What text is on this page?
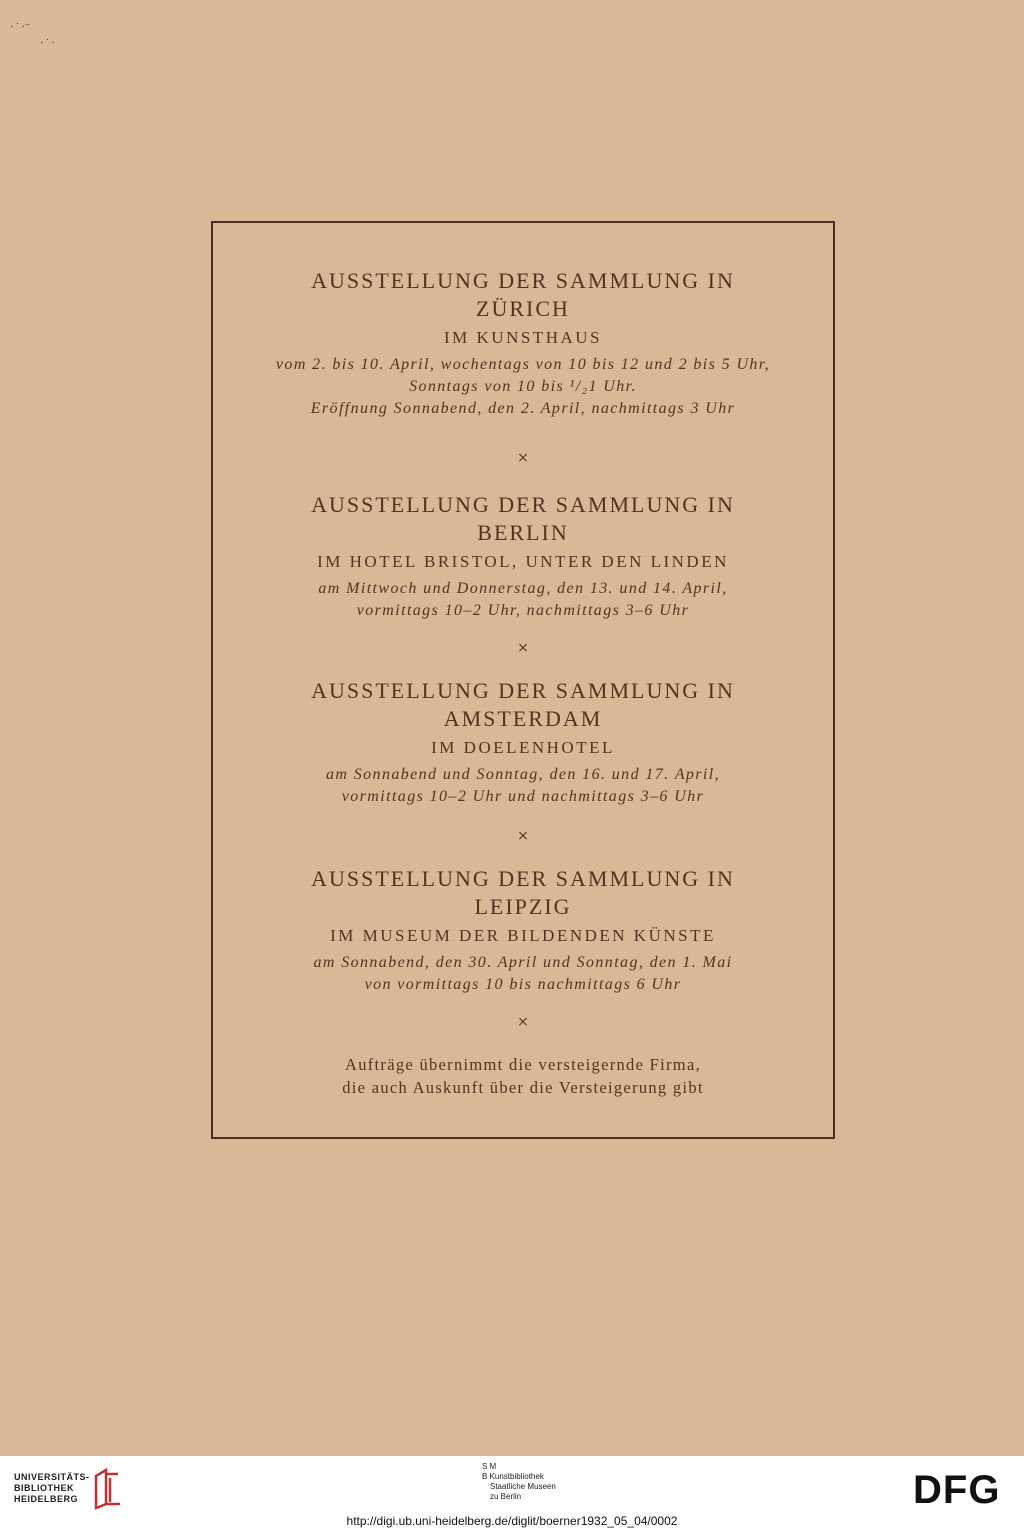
· ˙ ·⁻
· ˙ ·
AUSSTELLUNG DER SAMMLUNG IN
ZÜRICH
IM KUNSTHAUS
vom 2. bis 10. April, wochentags von 10 bis 12 und 2 bis 5 Uhr,
Sonntags von 10 bis ¹/₂1 Uhr.
Eröffnung Sonnabend, den 2. April, nachmittags 3 Uhr
⨯
AUSSTELLUNG DER SAMMLUNG IN
BERLIN
IM HOTEL BRISTOL, UNTER DEN LINDEN
am Mittwoch und Donnerstag, den 13. und 14. April,
vormittags 10–2 Uhr, nachmittags 3–6 Uhr
⨯
AUSSTELLUNG DER SAMMLUNG IN
AMSTERDAM
IM DOELENHOTEL
am Sonnabend und Sonntag, den 16. und 17. April,
vormittags 10–2 Uhr und nachmittags 3–6 Uhr
⨯
AUSSTELLUNG DER SAMMLUNG IN
LEIPZIG
IM MUSEUM DER BILDENDEN KÜNSTE
am Sonnabend, den 30. April und Sonntag, den 1. Mai
von vormittags 10 bis nachmittags 6 Uhr
⨯
Aufträge übernimmt die versteigernde Firma,
die auch Auskunft über die Versteigerung gibt
UNIVERSITÄTS-
BIBLIOTHEK
HEIDELBERG
S M
B Kunstbibliothek
Staatliche Museen
zu Berlin	DFG
http://digi.ub.uni-heidelberg.de/diglit/boerner1932_05_04/0002
